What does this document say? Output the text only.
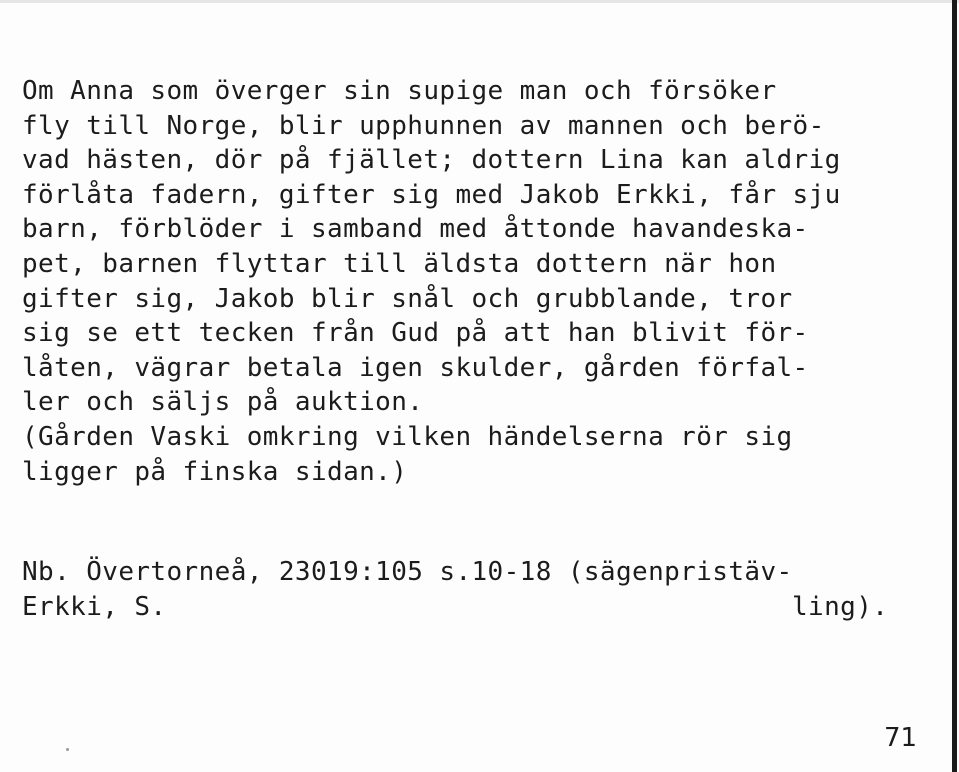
Om Anna som överger sin supige man och försöker
fly till Norge, blir upphunnen av mannen och berö-
vad hästen, dör på fjället; dottern Lina kan aldrig
förlåta fadern, gifter sig med Jakob Erkki, får sju
barn, förblöder i samband med åttonde havandeska-
pet, barnen flyttar till äldsta dottern när hon
gifter sig, Jakob blir snål och grubblande, tror
sig se ett tecken från Gud på att han blivit för-
låten, vägrar betala igen skulder, gården förfal-
ler och säljs på auktion.
(Gården Vaski omkring vilken händelserna rör sig
ligger på finska sidan.)
Nb. Övertorneå, 23019:105 s.10-18 (sägenpristäv-
Erkki, S.	ling).
71
